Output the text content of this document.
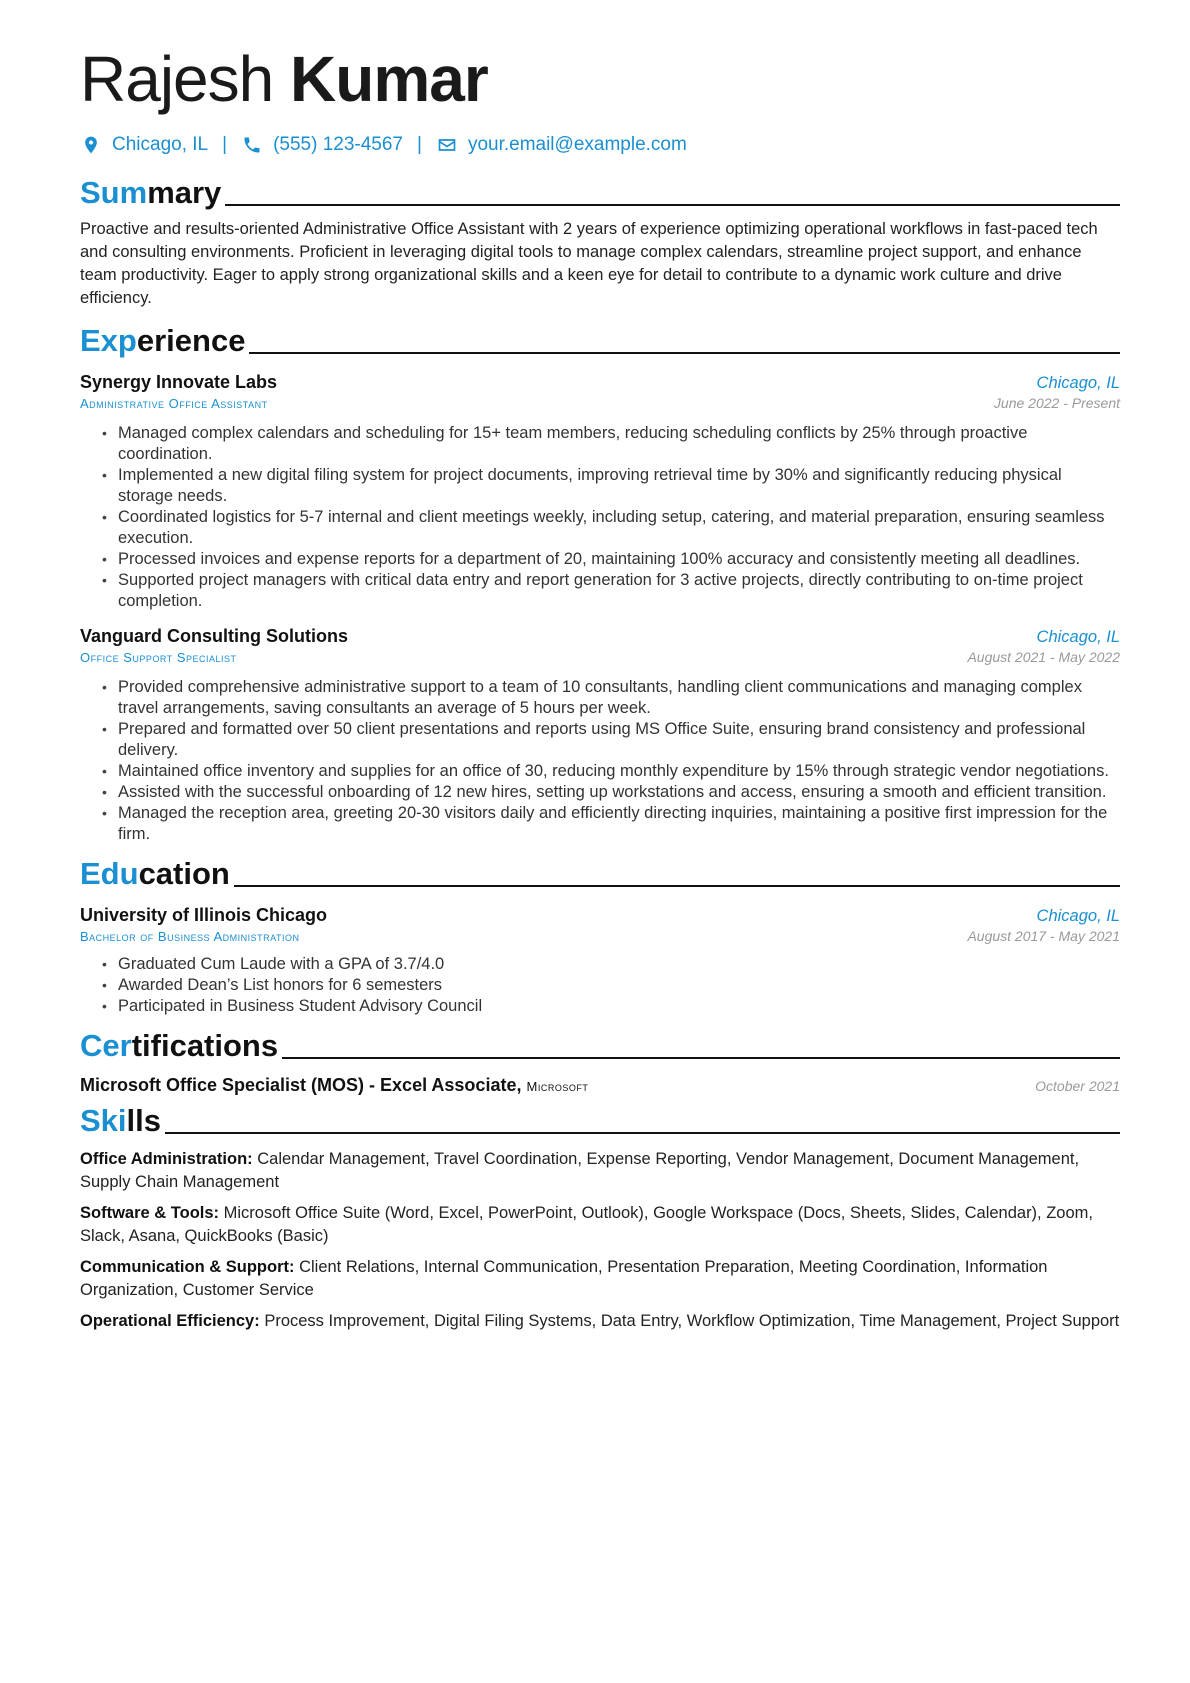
Rajesh Kumar
Chicago, IL | (555) 123-4567 | your.email@example.com
Summary

Proactive and results-oriented Administrative Office Assistant with 2 years of experience optimizing operational workflows in fast-paced tech and consulting environments. Proficient in leveraging digital tools to manage complex calendars, streamline project support, and enhance team productivity. Eager to apply strong organizational skills and a keen eye for detail to contribute to a dynamic work culture and drive efficiency.

Experience
Synergy Innovate Labs	Chicago, IL
Administrative Office Assistant	June 2022 - Present
• Managed complex calendars and scheduling for 15+ team members, reducing scheduling conflicts by 25% through proactive coordination.
• Implemented a new digital filing system for project documents, improving retrieval time by 30% and significantly reducing physical storage needs.
• Coordinated logistics for 5-7 internal and client meetings weekly, including setup, catering, and material preparation, ensuring seamless execution.
• Processed invoices and expense reports for a department of 20, maintaining 100% accuracy and consistently meeting all deadlines.
• Supported project managers with critical data entry and report generation for 3 active projects, directly contributing to on-time project completion.
Vanguard Consulting Solutions	Chicago, IL
Office Support Specialist	August 2021 - May 2022
• Provided comprehensive administrative support to a team of 10 consultants, handling client communications and managing complex travel arrangements, saving consultants an average of 5 hours per week.
• Prepared and formatted over 50 client presentations and reports using MS Office Suite, ensuring brand consistency and professional delivery.
• Maintained office inventory and supplies for an office of 30, reducing monthly expenditure by 15% through strategic vendor negotiations.
• Assisted with the successful onboarding of 12 new hires, setting up workstations and access, ensuring a smooth and efficient transition.
• Managed the reception area, greeting 20-30 visitors daily and efficiently directing inquiries, maintaining a positive first impression for the firm.
Education
University of Illinois Chicago	Chicago, IL
Bachelor of Business Administration	August 2017 - May 2021
• Graduated Cum Laude with a GPA of 3.7/4.0
• Awarded Dean’s List honors for 6 semesters
• Participated in Business Student Advisory Council
Certifications
Microsoft Office Specialist (MOS) - Excel Associate, Microsoft	October 2021
Skills
Office Administration: Calendar Management, Travel Coordination, Expense Reporting, Vendor Management, Document Management, Supply Chain Management
Software & Tools: Microsoft Office Suite (Word, Excel, PowerPoint, Outlook), Google Workspace (Docs, Sheets, Slides, Calendar), Zoom, Slack, Asana, QuickBooks (Basic)
Communication & Support: Client Relations, Internal Communication, Presentation Preparation, Meeting Coordination, Information Organization, Customer Service
Operational Efficiency: Process Improvement, Digital Filing Systems, Data Entry, Workflow Optimization, Time Management, Project Support
